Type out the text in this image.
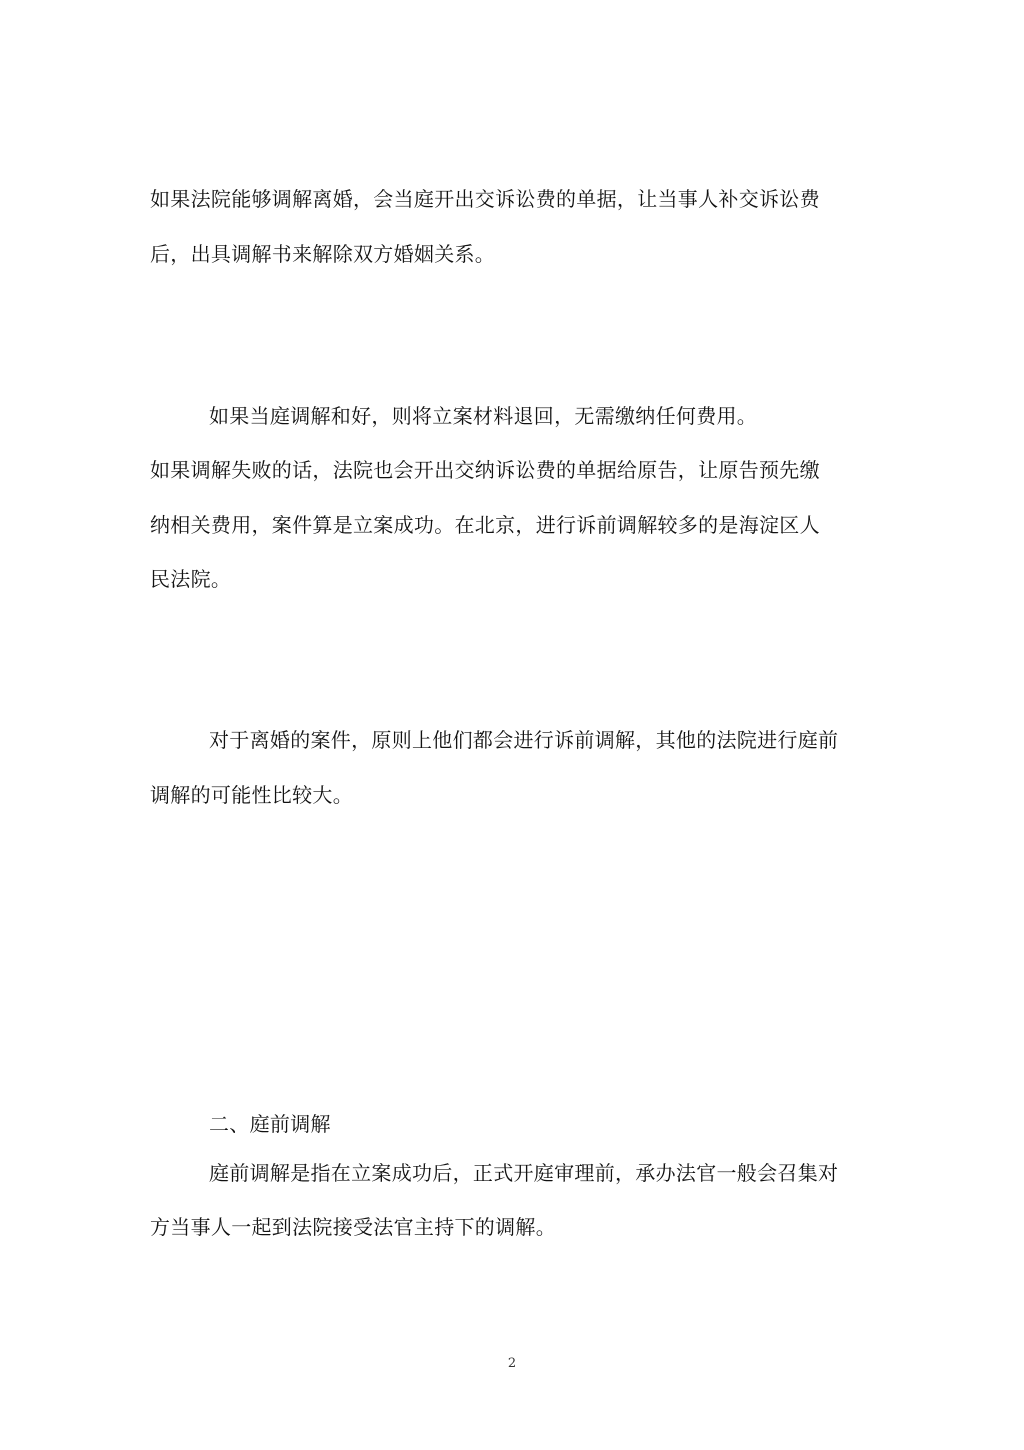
如果法院能够调解离婚，会当庭开出交诉讼费的单据，让当事人补交诉讼费
后，出具调解书来解除双方婚姻关系。
如果当庭调解和好，则将立案材料退回，无需缴纳任何费用。
如果调解失败的话，法院也会开出交纳诉讼费的单据给原告，让原告预先缴
纳相关费用，案件算是立案成功。在北京，进行诉前调解较多的是海淀区人
民法院。
对于离婚的案件，原则上他们都会进行诉前调解，其他的法院进行庭前
调解的可能性比较大。
二、庭前调解
庭前调解是指在立案成功后，正式开庭审理前，承办法官一般会召集对
方当事人一起到法院接受法官主持下的调解。
2
